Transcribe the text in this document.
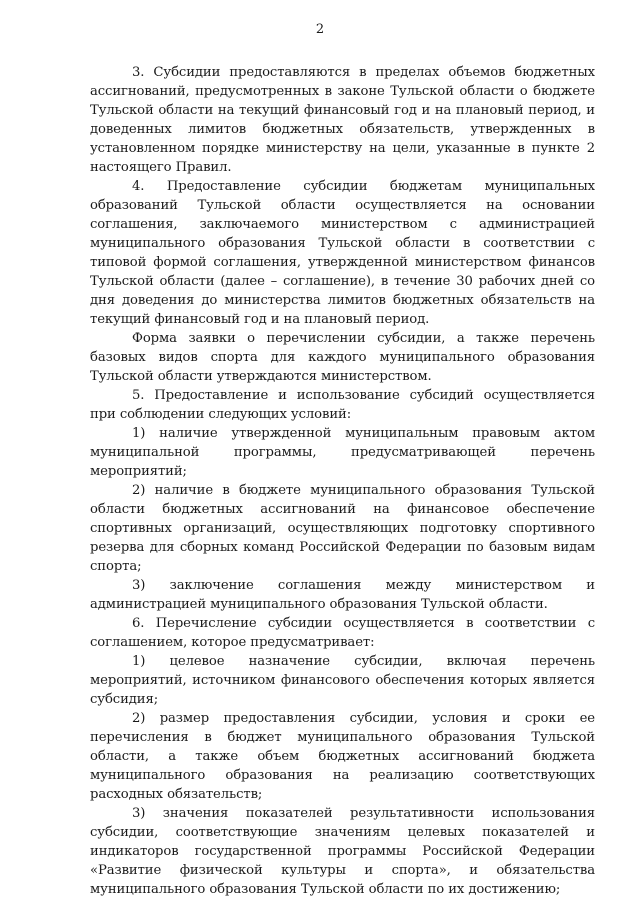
2

3. Субсидии предоставляются в пределах объемов бюджетных ассигнований, предусмотренных в законе Тульской области о бюджете Тульской области на текущий финансовый год и на плановый период, и доведенных лимитов бюджетных обязательств, утвержденных в установленном порядке министерству на цели, указанные в пункте 2 настоящего Правил.

4. Предоставление субсидии бюджетам муниципальных образований Тульской области осуществляется на основании соглашения, заключаемого министерством с администрацией муниципального образования Тульской области в соответствии с типовой формой соглашения, утвержденной министерством финансов Тульской области (далее – соглашение), в течение 30 рабочих дней со дня доведения до министерства лимитов бюджетных обязательств на текущий финансовый год и на плановый период.

Форма заявки о перечислении субсидии, а также перечень базовых видов спорта для каждого муниципального образования Тульской области утверждаются министерством.

5. Предоставление и использование субсидий осуществляется при соблюдении следующих условий:

1) наличие утвержденной муниципальным правовым актом муниципальной программы, предусматривающей перечень мероприятий;

2) наличие в бюджете муниципального образования Тульской области бюджетных ассигнований на финансовое обеспечение спортивных организаций, осуществляющих подготовку спортивного резерва для сборных команд Российской Федерации по базовым видам спорта;

3) заключение соглашения между министерством и администрацией муниципального образования Тульской области.

6. Перечисление субсидии осуществляется в соответствии с соглашением, которое предусматривает:

1) целевое назначение субсидии, включая перечень мероприятий, источником финансового обеспечения которых является субсидия;

2) размер предоставления субсидии, условия и сроки ее перечисления в бюджет муниципального образования Тульской области, а также объем бюджетных ассигнований бюджета муниципального образования на реализацию соответствующих расходных обязательств;

3) значения показателей результативности использования субсидии, соответствующие значениям целевых показателей и индикаторов государственной программы Российской Федерации «Развитие физической культуры и спорта», и обязательства муниципального образования Тульской области по их достижению;
